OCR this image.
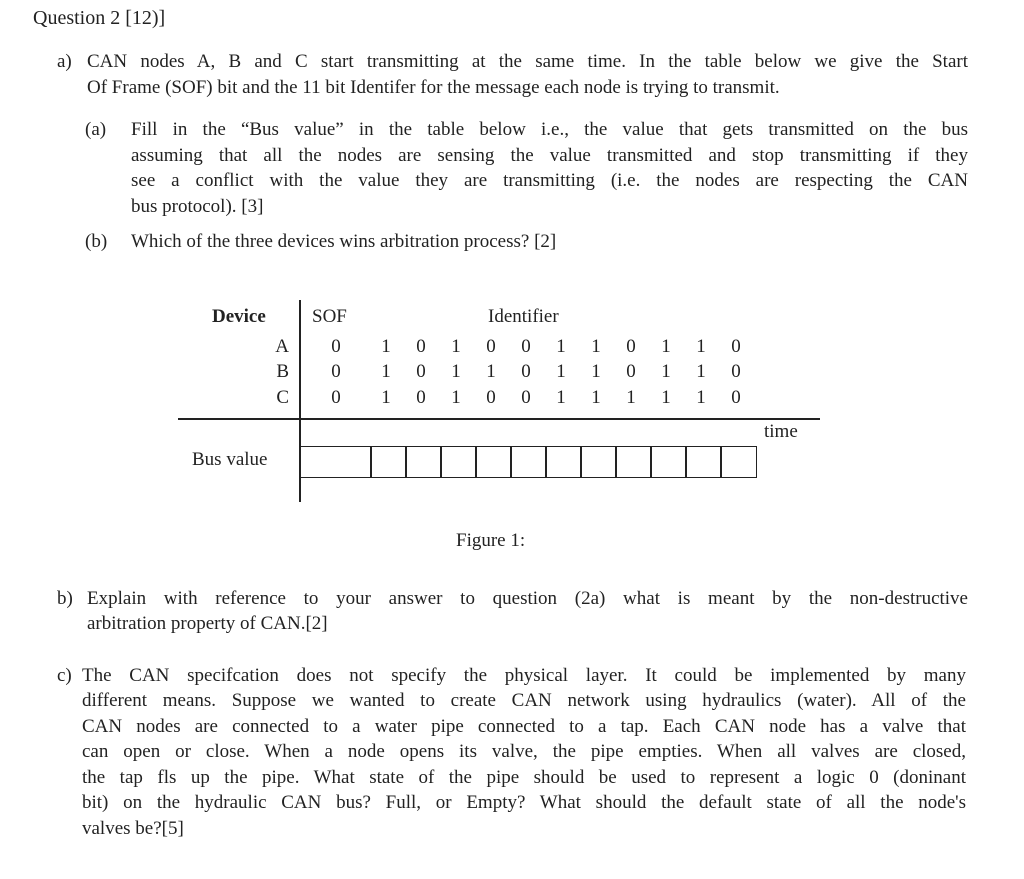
Question 2 [12)]
a) CAN nodes A, B and C start transmitting at the same time. In the table below we give the Start
Of Frame (SOF) bit and the 11 bit Identifer for the message each node is trying to transmit.
(a) Fill in the “Bus value” in the table below i.e., the value that gets transmitted on the bus
assuming that all the nodes are sensing the value transmitted and stop transmitting if they
see a conflict with the value they are transmitting (i.e. the nodes are respecting the CAN
bus protocol). [3]
(b) Which of the three devices wins arbitration process? [2]
Device SOF	Identifier
A 0 1 0 1 0 0 1 1 0 1 1 0
B 0 1 0 1 1 0 1 1 0 1 1 0
C 0 1 0 1 0 0 1 1 1 1 1 0
time
Bus value
Figure 1:
b) Explain with reference to your answer to question (2a) what is meant by the non-destructive
arbitration property of CAN.[2]
c) The CAN specifcation does not specify the physical layer. It could be implemented by many
different means. Suppose we wanted to create CAN network using hydraulics (water). All of the
CAN nodes are connected to a water pipe connected to a tap. Each CAN node has a valve that
can open or close. When a node opens its valve, the pipe empties. When all valves are closed,
the tap fls up the pipe. What state of the pipe should be used to represent a logic 0 (doninant
bit) on the hydraulic CAN bus? Full, or Empty? What should the default state of all the node's
valves be?[5]
